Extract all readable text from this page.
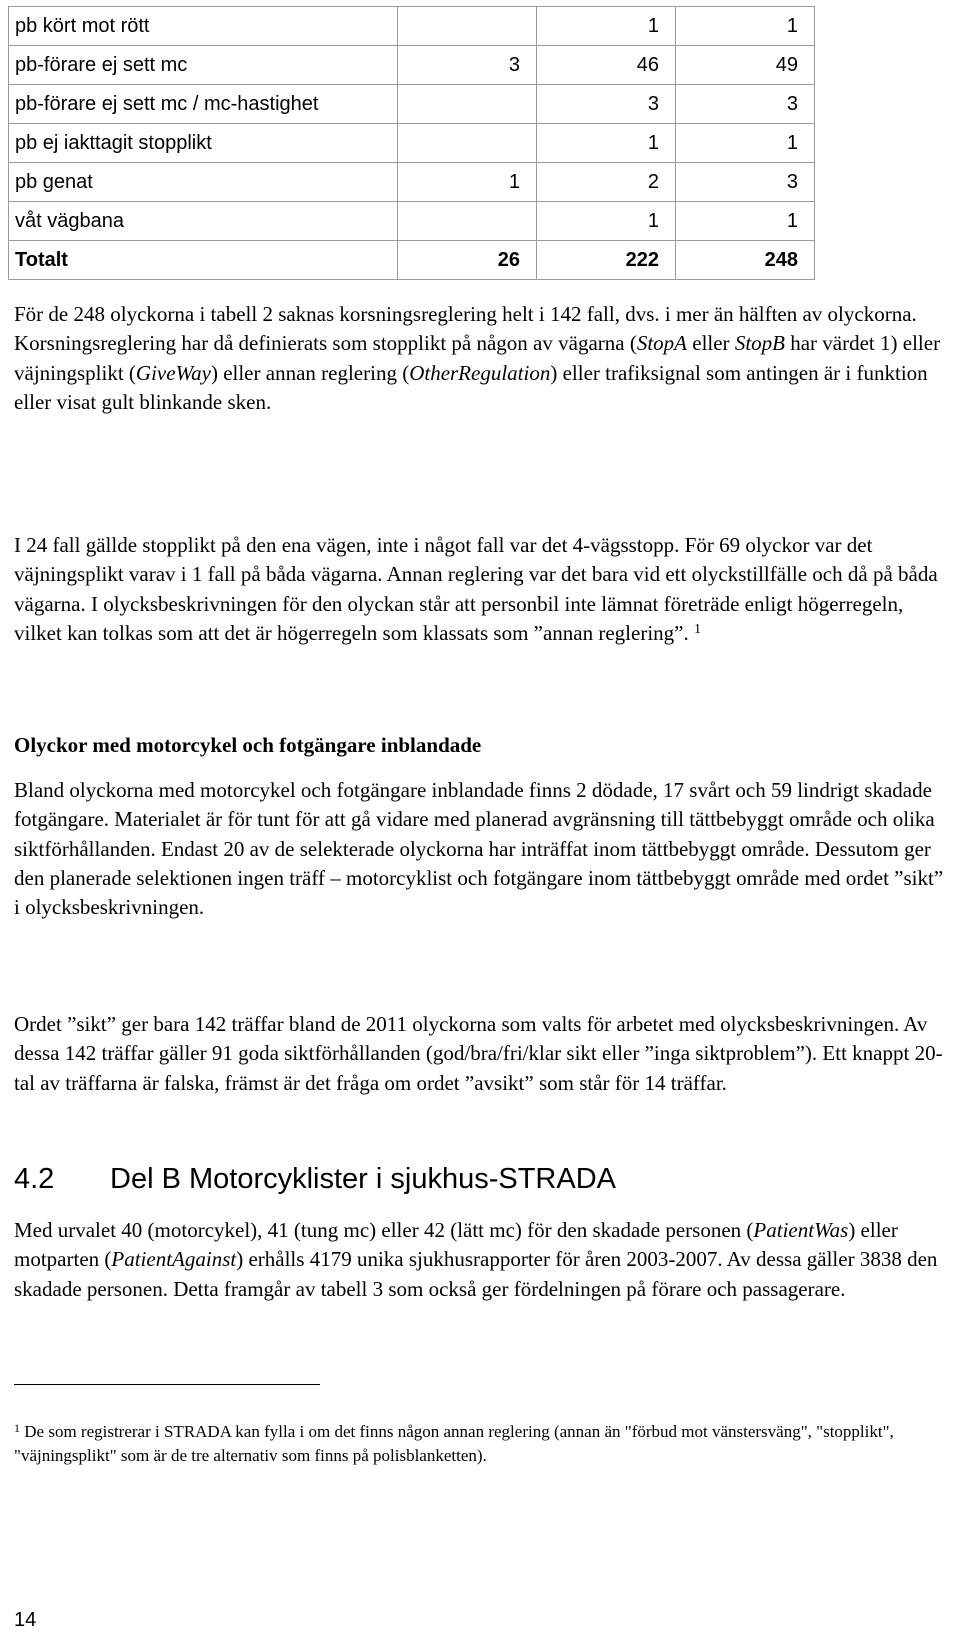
pb kört mot rött		1	1
pb-förare ej sett mc	3	46	49
pb-förare ej sett mc / mc-hastighet		3	3
pb ej iakttagit stopplikt		1	1
pb genat	1	2	3
våt vägbana		1	1
Totalt	26	222	248

För de 248 olyckorna i tabell 2 saknas korsningsreglering helt i 142 fall, dvs. i mer än hälften av olyckorna. Korsningsreglering har då definierats som stopplikt på någon av vägarna (StopA eller StopB har värdet 1) eller väjningsplikt (GiveWay) eller annan reglering (OtherRegulation) eller trafiksignal som antingen är i funktion eller visat gult blinkande sken.

I 24 fall gällde stopplikt på den ena vägen, inte i något fall var det 4-vägsstopp. För 69 olyckor var det väjningsplikt varav i 1 fall på båda vägarna. Annan reglering var det bara vid ett olyckstillfälle och då på båda vägarna. I olycksbeskrivningen för den olyckan står att personbil inte lämnat företräde enligt högerregeln, vilket kan tolkas som att det är högerregeln som klassats som ”annan reglering”. $^1$

Olyckor med motorcykel och fotgängare inblandade

Bland olyckorna med motorcykel och fotgängare inblandade finns 2 dödade, 17 svårt och 59 lindrigt skadade fotgängare. Materialet är för tunt för att gå vidare med planerad avgränsning till tättbebyggt område och olika siktförhållanden. Endast 20 av de selekterade olyckorna har inträffat inom tättbebyggt område. Dessutom ger den planerade selektionen ingen träff – motorcyklist och fotgängare inom tättbebyggt område med ordet ”sikt” i olycksbeskrivningen.

Ordet ”sikt” ger bara 142 träffar bland de 2011 olyckorna som valts för arbetet med olycksbeskrivningen. Av dessa 142 träffar gäller 91 goda siktförhållanden (god/bra/fri/klar sikt eller ”inga siktproblem”). Ett knappt 20-tal av träffarna är falska, främst är det fråga om ordet ”avsikt” som står för 14 träffar.

4.2 Del B Motorcyklister i sjukhus-STRADA

Med urvalet 40 (motorcykel), 41 (tung mc) eller 42 (lätt mc) för den skadade personen (PatientWas) eller motparten (PatientAgainst) erhålls 4179 unika sjukhusrapporter för åren 2003-2007. Av dessa gäller 3838 den skadade personen. Detta framgår av tabell 3 som också ger fördelningen på förare och passagerare.

$^1$ De som registrerar i STRADA kan fylla i om det finns någon annan reglering (annan än "förbud mot vänstersväng", "stopplikt", "väjningsplikt" som är de tre alternativ som finns på polisblanketten).

14
